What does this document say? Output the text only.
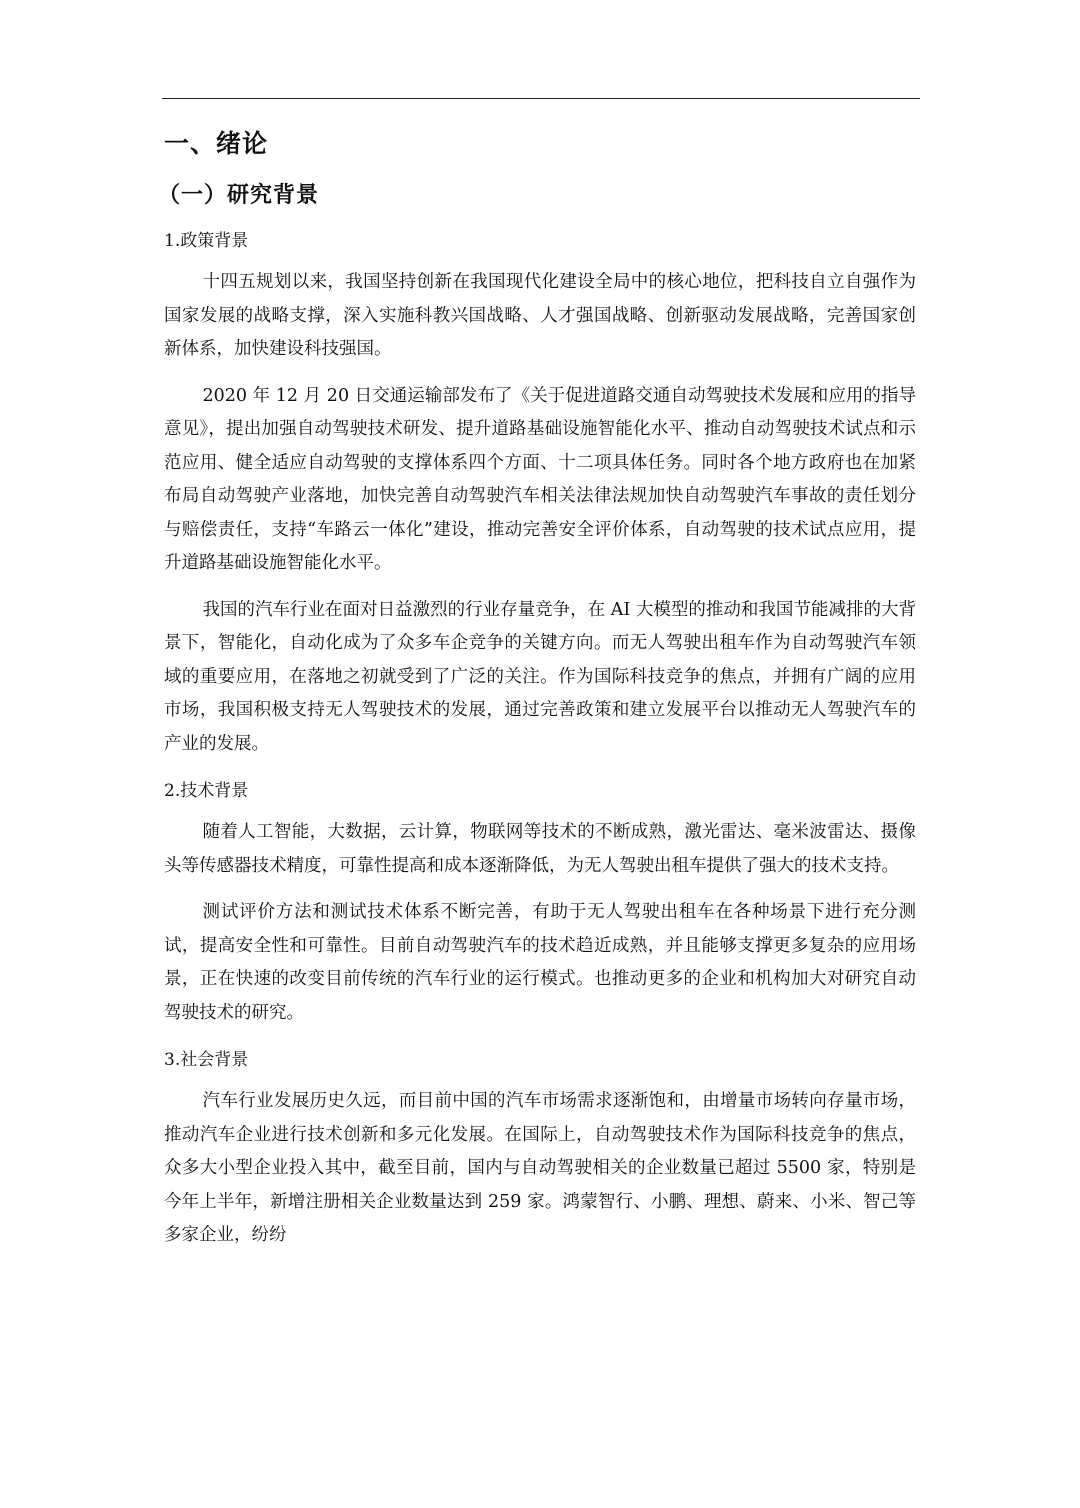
一、绪论
（一）研究背景
1.政策背景

十四五规划以来，我国坚持创新在我国现代化建设全局中的核心地位，把科技自立自强作为国家发展的战略支撑，深入实施科教兴国战略、人才强国战略、创新驱动发展战略，完善国家创新体系，加快建设科技强国。

2020 年 12 月 20 日交通运输部发布了《关于促进道路交通自动驾驶技术发展和应用的指导意见》，提出加强自动驾驶技术研发、提升道路基础设施智能化水平、推动自动驾驶技术试点和示范应用、健全适应自动驾驶的支撑体系四个方面、十二项具体任务。同时各个地方政府也在加紧布局自动驾驶产业落地，加快完善自动驾驶汽车相关法律法规加快自动驾驶汽车事故的责任划分与赔偿责任，支持“车路云一体化”建设，推动完善安全评价体系，自动驾驶的技术试点应用，提升道路基础设施智能化水平。

我国的汽车行业在面对日益激烈的行业存量竞争，在 AI 大模型的推动和我国节能减排的大背景下，智能化，自动化成为了众多车企竞争的关键方向。而无人驾驶出租车作为自动驾驶汽车领域的重要应用，在落地之初就受到了广泛的关注。作为国际科技竞争的焦点，并拥有广阔的应用市场，我国积极支持无人驾驶技术的发展，通过完善政策和建立发展平台以推动无人驾驶汽车的产业的发展。

2.技术背景

随着人工智能，大数据，云计算，物联网等技术的不断成熟，激光雷达、毫米波雷达、摄像头等传感器技术精度，可靠性提高和成本逐渐降低，为无人驾驶出租车提供了强大的技术支持。

测试评价方法和测试技术体系不断完善，有助于无人驾驶出租车在各种场景下进行充分测试，提高安全性和可靠性。目前自动驾驶汽车的技术趋近成熟，并且能够支撑更多复杂的应用场景，正在快速的改变目前传统的汽车行业的运行模式。也推动更多的企业和机构加大对研究自动驾驶技术的研究。

3.社会背景

汽车行业发展历史久远，而目前中国的汽车市场需求逐渐饱和，由增量市场转向存量市场，推动汽车企业进行技术创新和多元化发展。在国际上，自动驾驶技术作为国际科技竞争的焦点，众多大小型企业投入其中，截至目前，国内与自动驾驶相关的企业数量已超过 5500 家，特别是今年上半年，新增注册相关企业数量达到 259 家。鸿蒙智行、小鹏、理想、蔚来、小米、智己等多家企业，纷纷
